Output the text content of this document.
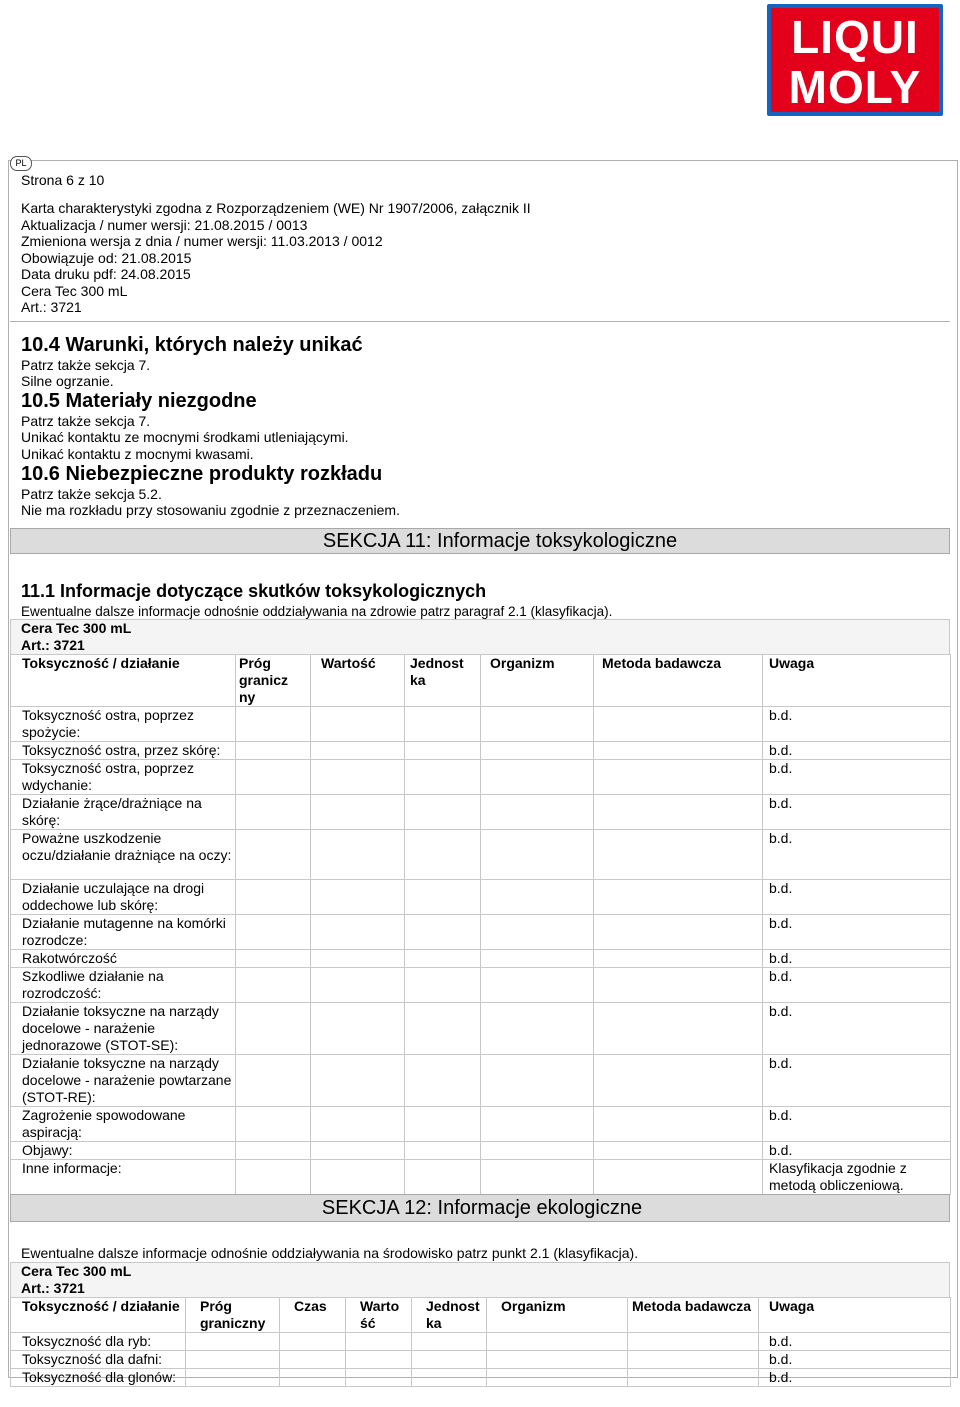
LIQUI
MOLY
PL
Strona 6 z 10
Karta charakterystyki zgodna z Rozporządzeniem (WE) Nr 1907/2006, załącznik II
Aktualizacja / numer wersji: 21.08.2015 / 0013
Zmieniona wersja z dnia / numer wersji: 11.03.2013 / 0012
Obowiązuje od: 21.08.2015
Data druku pdf: 24.08.2015
Cera Tec 300 mL
Art.: 3721
10.4 Warunki, których należy unikać
Patrz także sekcja 7.
Silne ogrzanie.
10.5 Materiały niezgodne
Patrz także sekcja 7.
Unikać kontaktu ze mocnymi środkami utleniającymi.
Unikać kontaktu z mocnymi kwasami.
10.6 Niebezpieczne produkty rozkładu
Patrz także sekcja 5.2.
Nie ma rozkładu przy stosowaniu zgodnie z przeznaczeniem.
SEKCJA 11: Informacje toksykologiczne
11.1 Informacje dotyczące skutków toksykologicznych
Ewentualne dalsze informacje odnośnie oddziaływania na zdrowie patrz paragraf 2.1 (klasyfikacja).
Cera Tec 300 mL
Art.: 3721
Toksyczność / działanie	Próg granicz ny	Wartość	Jednost ka	Organizm	Metoda badawcza	Uwaga
Toksyczność ostra, poprzez spożycie:						b.d.
Toksyczność ostra, przez skórę:						b.d.
Toksyczność ostra, poprzez wdychanie:						b.d.
Działanie żrące/drażniące na skórę:						b.d.
Poważne uszkodzenie oczu/działanie drażniące na oczy:						b.d.
Działanie uczulające na drogi oddechowe lub skórę:						b.d.
Działanie mutagenne na komórki rozrodcze:						b.d.
Rakotwórczość						b.d.
Szkodliwe działanie na rozrodczość:						b.d.
Działanie toksyczne na narządy docelowe - narażenie jednorazowe (STOT-SE):						b.d.
Działanie toksyczne na narządy docelowe - narażenie powtarzane (STOT-RE):						b.d.
Zagrożenie spowodowane aspiracją:						b.d.
Objawy:						b.d.
Inne informacje:						Klasyfikacja zgodnie z metodą obliczeniową.
SEKCJA 12: Informacje ekologiczne
Ewentualne dalsze informacje odnośnie oddziaływania na środowisko patrz punkt 2.1 (klasyfikacja).
Cera Tec 300 mL
Art.: 3721
Toksyczność / działanie	Próg graniczny	Czas	Warto ść	Jednost ka	Organizm	Metoda badawcza	Uwaga
Toksyczność dla ryb:							b.d.
Toksyczność dla dafni:							b.d.
Toksyczność dla glonów:							b.d.
